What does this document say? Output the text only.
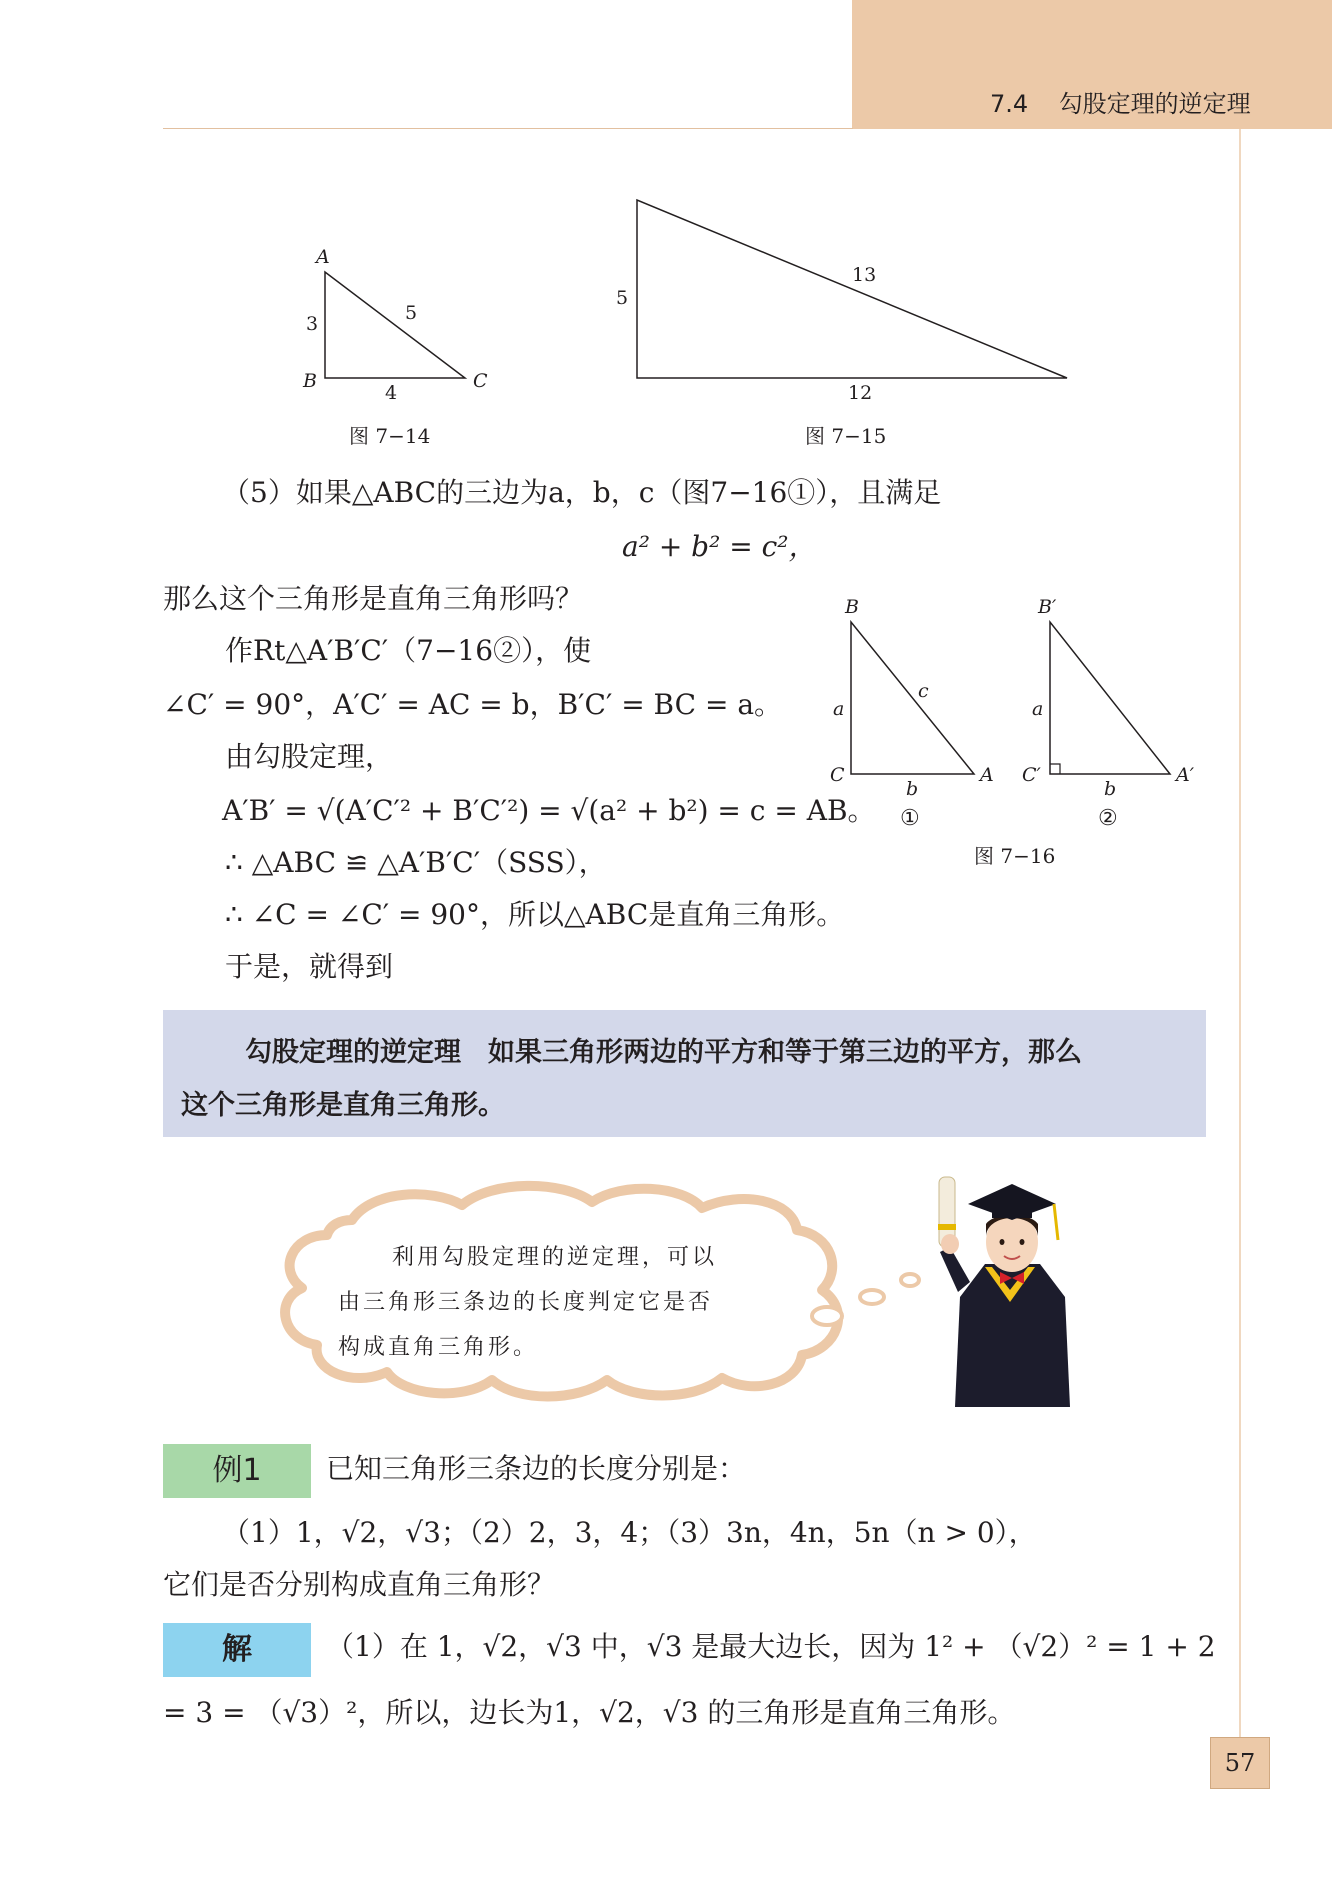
7.4 勾股定理的逆定理
A
B	C
3
4
5
图 7−14
5
13
12
图 7−15
（5）如果△ABC的三边为a，b，c（图7−16①），且满足
a² + b² = c²，
那么这个三角形是直角三角形吗？
作Rt△A′B′C′（7−16②），使
∠C′ = 90°，A′C′ = AC = b，B′C′ = BC = a。
由勾股定理，
A′B′ = √(A′C′² + B′C′²) = √(a² + b²) = c = AB。
∴ △ABC ≌ △A′B′C′（SSS），
∴ ∠C = ∠C′ = 90°，所以△ABC是直角三角形。
于是，就得到
B
C	A
a
c
b
B′
C′	A′
a
b
①	②
图 7−16
勾股定理的逆定理　 如果三角形两边的平方和等于第三边的平方，那么
这个三角形是直角三角形。
利用勾股定理的逆定理，可以
由三角形三条边的长度判定它是否
构成直角三角形。
例1	已知三角形三条边的长度分别是：
（1）1，√2，√3；（2）2，3，4；（3）3n，4n，5n（n > 0），
它们是否分别构成直角三角形？
解	（1）在 1，√2，√3 中，√3 是最大边长，因为 1² + （√2）² = 1 + 2
= 3 = （√3）²，所以，边长为1，√2，√3 的三角形是直角三角形。
57
